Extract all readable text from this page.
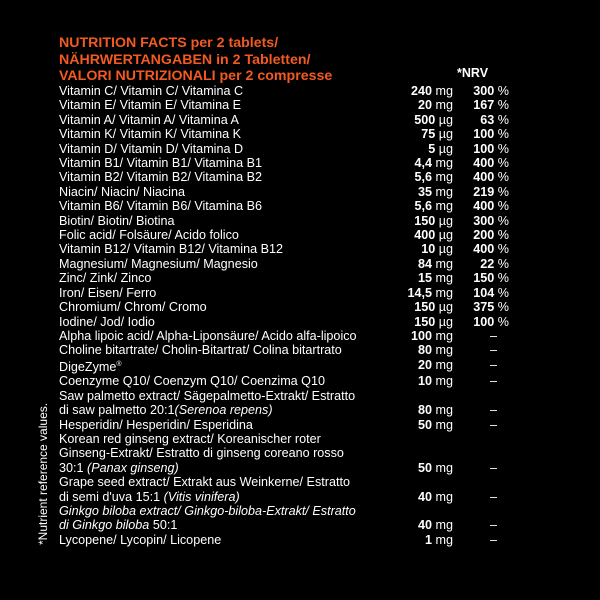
NUTRITION FACTS per 2 tablets/
NÄHRWERTANGABEN in 2 Tabletten/
VALORI NUTRIZIONALI per 2 compresse	*NRV
Vitamin C/ Vitamin C/ Vitamina C	240 mg	300 %
Vitamin E/ Vitamin E/ Vitamina E	20 mg	167 %
Vitamin A/ Vitamin A/ Vitamina A	500 µg	63 %
Vitamin K/ Vitamin K/ Vitamina K	75 µg	100 %
Vitamin D/ Vitamin D/ Vitamina D	5 µg	100 %
Vitamin B1/ Vitamin B1/ Vitamina B1	4,4 mg	400 %
Vitamin B2/ Vitamin B2/ Vitamina B2	5,6 mg	400 %
Niacin/ Niacin/ Niacina	35 mg	219 %
Vitamin B6/ Vitamin B6/ Vitamina B6	5,6 mg	400 %
Biotin/ Biotin/ Biotina	150 µg	300 %
Folic acid/ Folsäure/ Acido folico	400 µg	200 %
Vitamin B12/ Vitamin B12/ Vitamina B12	10 µg	400 %
Magnesium/ Magnesium/ Magnesio	84 mg	22 %
Zinc/ Zink/ Zinco	15 mg	150 %
Iron/ Eisen/ Ferro	14,5 mg	104 %
Chromium/ Chrom/ Cromo	150 µg	375 %
Iodine/ Jod/ Iodio	150 µg	100 %
Alpha lipoic acid/ Alpha-Liponsäure/ Acido alfa-lipoico	100 mg	–
Choline bitartrate/ Cholin-Bitartrat/ Colina bitartrato	80 mg	–
DigeZyme®	20 mg	–
Coenzyme Q10/ Coenzym Q10/ Coenzima Q10	10 mg	–
Saw palmetto extract/ Sägepalmetto-Extrakt/ Estratto
di saw palmetto 20:1(Serenoa repens)	80 mg	–
Hesperidin/ Hesperidin/ Esperidina	50 mg	–
Korean red ginseng extract/ Koreanischer roter
Ginseng-Extrakt/ Estratto di ginseng coreano rosso
30:1 (Panax ginseng)	50 mg	–
Grape seed extract/ Extrakt aus Weinkerne/ Estratto
di semi d'uva 15:1 (Vitis vinifera)	40 mg	–
Ginkgo biloba extract/ Ginkgo-biloba-Extrakt/ Estratto
di Ginkgo biloba 50:1	40 mg	–
Lycopene/ Lycopin/ Licopene	1 mg	–
*Nutrient reference values.
